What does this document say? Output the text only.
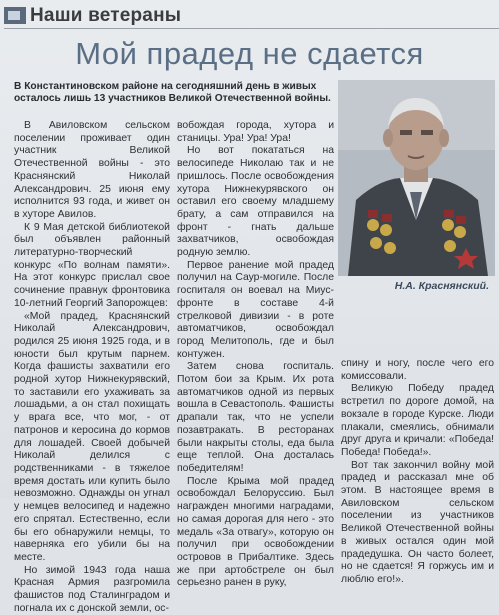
Наши ветераны
Мой прадед не сдается
В Константиновском районе на сегодняшний день в живых осталось лишь 13 участников Великой Отечественной войны.

В Авиловском сельском поселении проживает один участник Великой Отечественной войны - это Краснянский Николай Александрович. 25 июня ему исполнится 93 года, и живет он в хуторе Авилов.

К 9 Мая детской библиотекой был объявлен районный литературно-творческий конкурс «По волнам памяти». На этот конкурс прислал свое сочинение правнук фронтовика 10-летний Георгий Запорожцев:

«Мой прадед, Краснянский Николай Александрович, родился 25 июня 1925 года, и в юности был крутым парнем. Когда фашисты захватили его родной хутор Нижнекурявский, то заставили его ухаживать за лошадьми, а он стал похищать у врага все, что мог, - от патронов и керосина до кормов для лошадей. Своей добычей Николай делился с родственниками - в тяжелое время достать или купить было невозможно. Однажды он угнал у немцев велосипед и надежно его спрятал. Естественно, если бы его обнаружили немцы, то наверняка его убили бы на месте.

Но зимой 1943 года наша Красная Армия разгромила фашистов под Сталинградом и погнала их с донской земли, ос-

вобождая города, хутора и станицы. Ура! Ура! Ура!

Но вот покататься на велосипеде Николаю так и не пришлось. После освобождения хутора Нижнекурявского он оставил его своему младшему брату, а сам отправился на фронт - гнать дальше захватчиков, освобождая родную землю.

Первое ранение мой прадед получил на Саур-могиле. После госпиталя он воевал на Миус-фронте в составе 4-й стрелковой дивизии - в роте автоматчиков, освобождал город Мелитополь, где и был контужен.

Затем снова госпиталь. Потом бои за Крым. Их рота автоматчиков одной из первых вошла в Севастополь. Фашисты драпали так, что не успели позавтракать. В ресторанах были накрыты столы, еда была еще теплой. Она досталась победителям!

После Крыма мой прадед освобождал Белоруссию. Был награжден многими наградами, но самая дорогая для него - это медаль «За отвагу», которую он получил при освобождении островов в Прибалтике. Здесь же при артобстреле он был серьезно ранен в руку,

Н.А. Краснянский.

спину и ногу, после чего его комиссовали.

Великую Победу прадед встретил по дороге домой, на вокзале в городе Курске. Люди плакали, смеялись, обнимали друг друга и кричали: «Победа! Победа! Победа!».

Вот так закончил войну мой прадед и рассказал мне об этом. В настоящее время в Авиловском сельском поселении из участников Великой Отечественной войны в живых остался один мой прадедушка. Он часто болеет, но не сдается! Я горжусь им и люблю его!».
